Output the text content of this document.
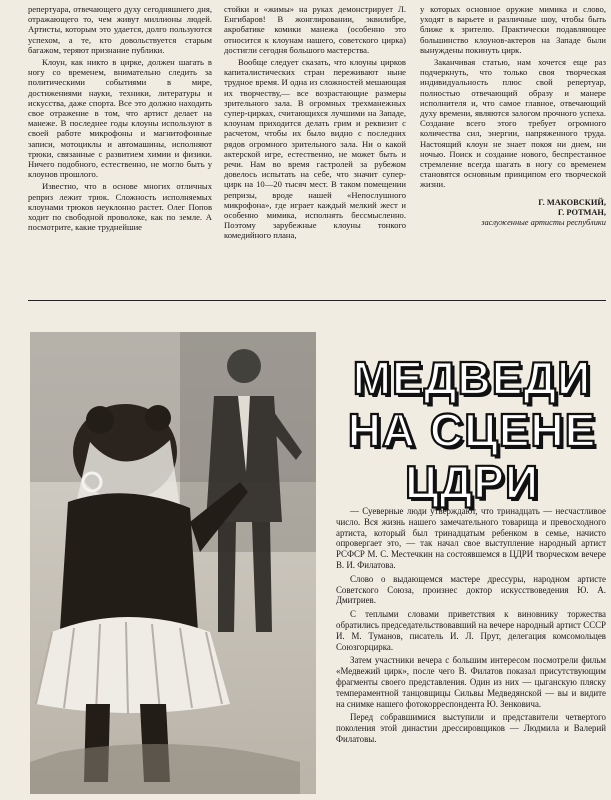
репертуара, отвечающего духу сегодняшнего дня, отражающего то, чем живут миллионы людей. Артисты, которым это удается, долго пользуются успехом, а те, кто довольствуется старым багажом, теряют признание публики.

Клоун, как никто в цирке, должен шагать в ногу со временем, внимательно следить за политическими событиями в мире, достижениями науки, техники, литературы и искусства, даже спорта. Все это должно находить свое отражение в том, что артист делает на манеже. В последнее годы клоуны используют в своей работе микрофоны и магнитофонные записи, мотоциклы и автомашины, исполняют трюки, связанные с развитием химии и физики. Ничего подобного, естественно, не могло быть у клоунов прошлого.

Известно, что в основе многих отличных реприз лежит трюк. Сложность исполняемых клоунами трюков неуклонно растет. Олег Попов ходит по свободной проволоке, как по земле. А посмотрите, какие труднейшие

стойки и «жимы» на руках демонстрирует Л. Енгибаров! В жонглировании, эквилибре, акробатике комики манежа (особенно это относится к клоунам нашего, советского цирка) достигли сегодня большого мастерства.

Вообще следует сказать, что клоуны цирков капиталистических стран переживают ныне трудное время. И одна из сложностей мешающая их творчеству,— все возрастающие размеры зрительного зала. В огромных трехманежных супер-цирках, считающихся лучшими на Западе, клоунам приходится делать грим и реквизит с расчетом, чтобы их было видно с последних рядов огромного зрительного зала. Ни о какой актерской игре, естественно, не может быть и речи. Нам во время гастролей за рубежом довелось испытать на себе, что значит супер-цирк на 10—20 тысяч мест. В таком помещении репризы, вроде нашей «Непослушного микрофона», где играет каждый мелкий жест и особенно мимика, исполнять бессмысленно. Поэтому зарубежные клоуны тонкого комедийного плана,

у которых основное оружие мимика и слово, уходят в варьете и различные шоу, чтобы быть ближе к зрителю. Практически подавляющее большинство клоунов-актеров на Западе были вынуждены покинуть цирк.

Заканчивая статью, нам хочется еще раз подчеркнуть, что только своя творческая индивидуальность плюс свой репертуар, полностью отвечающий образу и манере исполнителя и, что самое главное, отвечающий духу времени, являются залогом прочного успеха. Создание всего этого требует огромного количества сил, энергии, напряженного труда. Настоящий клоун не знает покоя ни днем, ни ночью. Поиск и создание нового, беспрестанное стремление всегда шагать в ногу со временем становятся основным принципом его творческой жизни.

Г. МАКОВСКИЙ,
Г. РОТМАН,
заслуженные артисты республики
МЕДВЕДИ
НА СЦЕНЕ
ЦДРИ

— Суеверные люди утверждают, что тринадцать — несчастливое число. Вся жизнь нашего замечательного товарища и превосходного артиста, который был тринадцатым ребенком в семье, начисто опровергает это, — так начал свое выступление народный артист РСФСР М. С. Местечкин на состоявшемся в ЦДРИ творческом вечере В. И. Филатова.

Слово о выдающемся мастере дрессуры, народном артисте Советского Союза, произнес доктор искусствоведения Ю. А. Дмитриев.

С теплыми словами приветствия к виновнику торжества обратились председательствовавший на вечере народный артист СССР И. М. Туманов, писатель И. Л. Прут, делегация комсомольцев Союзгорцирка.

Затем участники вечера с большим интересом посмотрели фильм «Медвежий цирк», после чего В. Филатов показал присутствующим фрагменты своего представления. Один из них — цыганскую пляску темпераментной танцовщицы Сильвы Медведянской — вы и видите на снимке нашего фотокорреспондента Ю. Зенковича.

Перед собравшимися выступили и представители четвертого поколения этой династии дрессировщиков — Людмила и Валерий Филатовы.
